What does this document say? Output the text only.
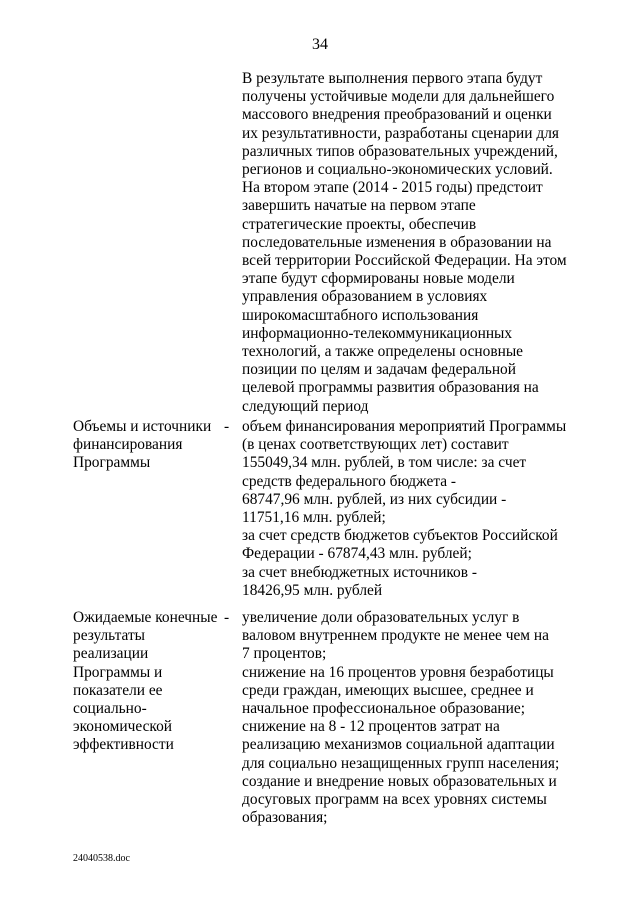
34
В результате выполнения первого этапа будут
получены устойчивые модели для дальнейшего
массового внедрения преобразований и оценки
их результативности, разработаны сценарии для
различных типов образовательных учреждений,
регионов и социально-экономических условий.
На втором этапе (2014 - 2015 годы) предстоит
завершить начатые на первом этапе
стратегические проекты, обеспечив
последовательные изменения в образовании на
всей территории Российской Федерации. На этом
этапе будут сформированы новые модели
управления образованием в условиях
широкомасштабного использования
информационно-телекоммуникационных
технологий, а также определены основные
позиции по целям и задачам федеральной
целевой программы развития образования на
следующий период
Объемы и источники
финансирования
Программы
- объем финансирования мероприятий Программы
(в ценах соответствующих лет) составит
155049,34 млн. рублей, в том числе: за счет
средств федерального бюджета -
68747,96 млн. рублей, из них субсидии -
11751,16 млн. рублей;
за счет средств бюджетов субъектов Российской
Федерации - 67874,43 млн. рублей;
за счет внебюджетных источников -
18426,95 млн. рублей
Ожидаемые конечные
результаты
реализации
Программы и
показатели ее
социально-
экономической
эффективности
- увеличение доли образовательных услуг в
валовом внутреннем продукте не менее чем на
7 процентов;
снижение на 16 процентов уровня безработицы
среди граждан, имеющих высшее, среднее и
начальное профессиональное образование;
снижение на 8 - 12 процентов затрат на
реализацию механизмов социальной адаптации
для социально незащищенных групп населения;
создание и внедрение новых образовательных и
досуговых программ на всех уровнях системы
образования;
24040538.doc
